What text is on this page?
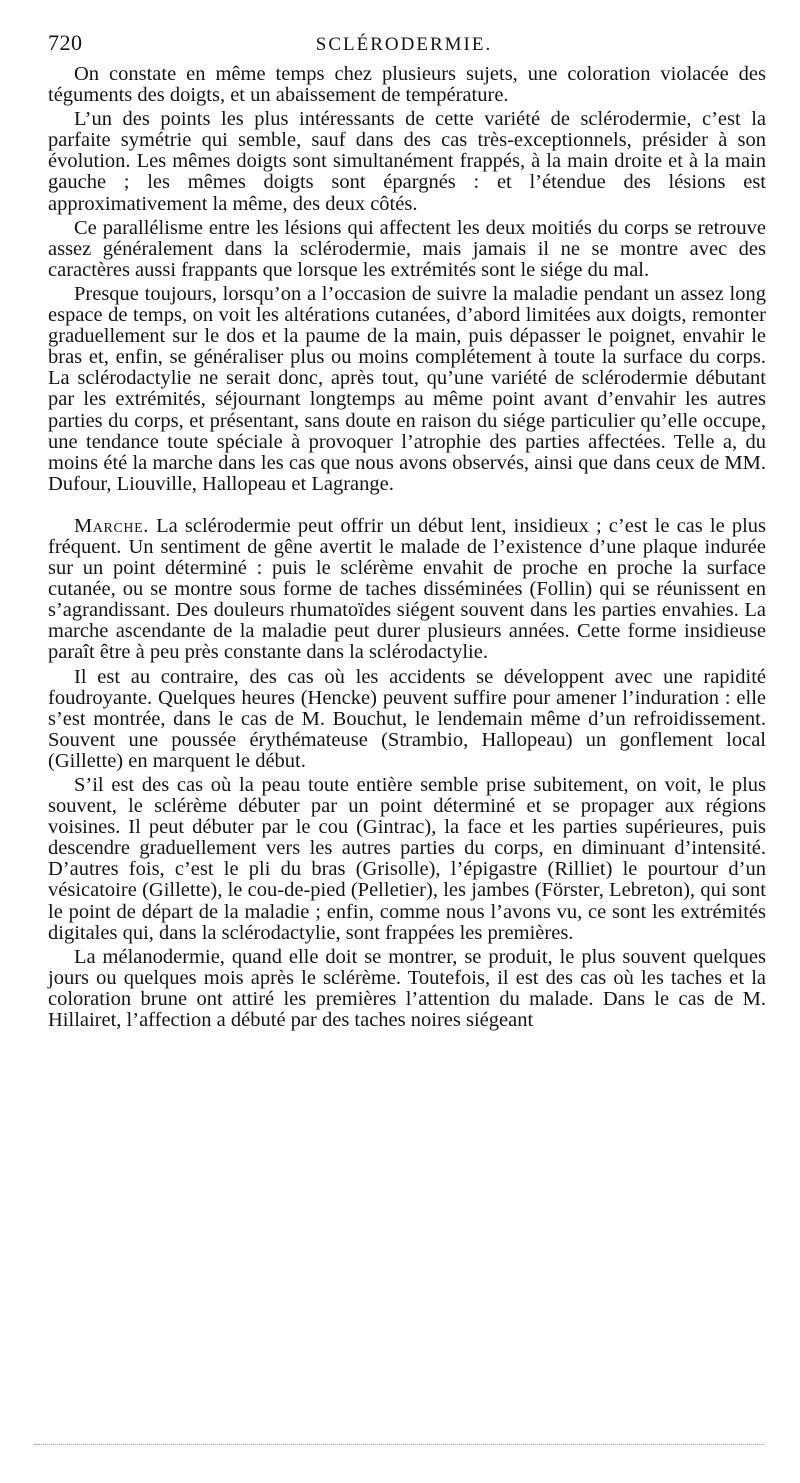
720	SCLÉRODERMIE.

On constate en même temps chez plusieurs sujets, une coloration violacée des téguments des doigts, et un abaissement de température.

L’un des points les plus intéressants de cette variété de sclérodermie, c’est la parfaite symétrie qui semble, sauf dans des cas très-exceptionnels, présider à son évolution. Les mêmes doigts sont simultanément frappés, à la main droite et à la main gauche ; les mêmes doigts sont épargnés : et l’étendue des lésions est approximativement la même, des deux côtés.

Ce parallélisme entre les lésions qui affectent les deux moitiés du corps se retrouve assez généralement dans la sclérodermie, mais jamais il ne se montre avec des caractères aussi frappants que lorsque les extrémités sont le siége du mal.

Presque toujours, lorsqu’on a l’occasion de suivre la maladie pendant un assez long espace de temps, on voit les altérations cutanées, d’abord limitées aux doigts, remonter graduellement sur le dos et la paume de la main, puis dépasser le poignet, envahir le bras et, enfin, se généraliser plus ou moins complétement à toute la surface du corps. La sclérodactylie ne serait donc, après tout, qu’une variété de sclérodermie débutant par les extrémités, séjournant longtemps au même point avant d’envahir les autres parties du corps, et présentant, sans doute en raison du siége particulier qu’elle occupe, une tendance toute spéciale à provoquer l’atrophie des parties affectées. Telle a, du moins été la marche dans les cas que nous avons observés, ainsi que dans ceux de MM. Dufour, Liouville, Hallopeau et Lagrange.

Marche. La sclérodermie peut offrir un début lent, insidieux ; c’est le cas le plus fréquent. Un sentiment de gêne avertit le malade de l’existence d’une plaque indurée sur un point déterminé : puis le sclérème envahit de proche en proche la surface cutanée, ou se montre sous forme de taches disséminées (Follin) qui se réunissent en s’agrandissant. Des douleurs rhumatoïdes siégent souvent dans les parties envahies. La marche ascendante de la maladie peut durer plusieurs années. Cette forme insidieuse paraît être à peu près constante dans la sclérodactylie.

Il est au contraire, des cas où les accidents se développent avec une rapidité foudroyante. Quelques heures (Hencke) peuvent suffire pour amener l’induration : elle s’est montrée, dans le cas de M. Bouchut, le lendemain même d’un refroidissement. Souvent une poussée érythémateuse (Strambio, Hallopeau) un gonflement local (Gillette) en marquent le début.

S’il est des cas où la peau toute entière semble prise subitement, on voit, le plus souvent, le sclérème débuter par un point déterminé et se propager aux régions voisines. Il peut débuter par le cou (Gintrac), la face et les parties supérieures, puis descendre graduellement vers les autres parties du corps, en diminuant d’intensité. D’autres fois, c’est le pli du bras (Grisolle), l’épigastre (Rilliet) le pourtour d’un vésicatoire (Gillette), le cou-de-pied (Pelletier), les jambes (Förster, Lebreton), qui sont le point de départ de la maladie ; enfin, comme nous l’avons vu, ce sont les extrémités digitales qui, dans la sclérodactylie, sont frappées les premières.

La mélanodermie, quand elle doit se montrer, se produit, le plus souvent quelques jours ou quelques mois après le sclérème. Toutefois, il est des cas où les taches et la coloration brune ont attiré les premières l’attention du malade. Dans le cas de M. Hillairet, l’affection a débuté par des taches noires siégeant
